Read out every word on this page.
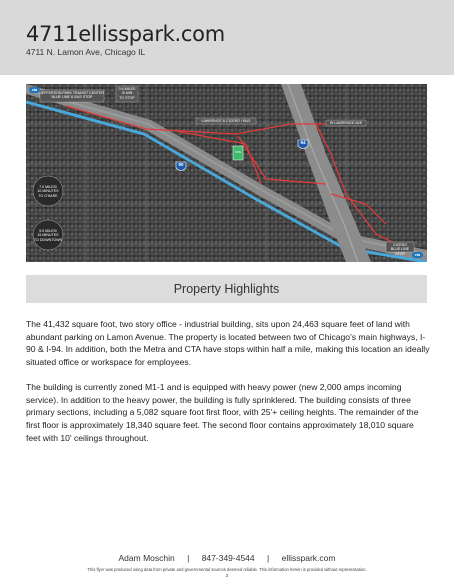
4711ellisspark.com
4711 N. Lamon Ave, Chicago IL
cta
cta
JEFFERSON PARK TRANSIT CENTER
BLUE LINE & BUS STOP
0.6 MILES
/5 MIN
TO STOP
LAWRENCE & CICERO / BUS	W LAWRENCE AVE
7.0 MILES/
10 MINUTES
TO O'HARE
9.0 MILES/
15 MINUTES
TO DOWNTOWN
CICERO
BLUE LINE STOP
90
94
SITE
Property Highlights
The 41,432 square foot, two story office - industrial building, sits upon 24,463 square feet of land with abundant parking on Lamon Avenue. The property is located between two of Chicago's main highways, I-90 & I-94. In addition, both the Metra and CTA have stops within half a mile, making this location an ideally situated office or workspace for employees.
The building is currently zoned M1-1 and is equipped with heavy power (new 2,000 amps incoming service). In addition to the heavy power, the building is fully sprinklered. The building consists of three primary sections, including a 5,082 square foot first floor, with 25'+ ceiling heights. The remainder of the first floor is approximately 18,340 square feet. The second floor contains approximately 18,010 square feet with 10' ceilings throughout.
Adam Moschin | 847-349-4544 | ellisspark.com
This flyer was produced using data from private and governmental sources deemed reliable. This information herein is provided without representation.
2
